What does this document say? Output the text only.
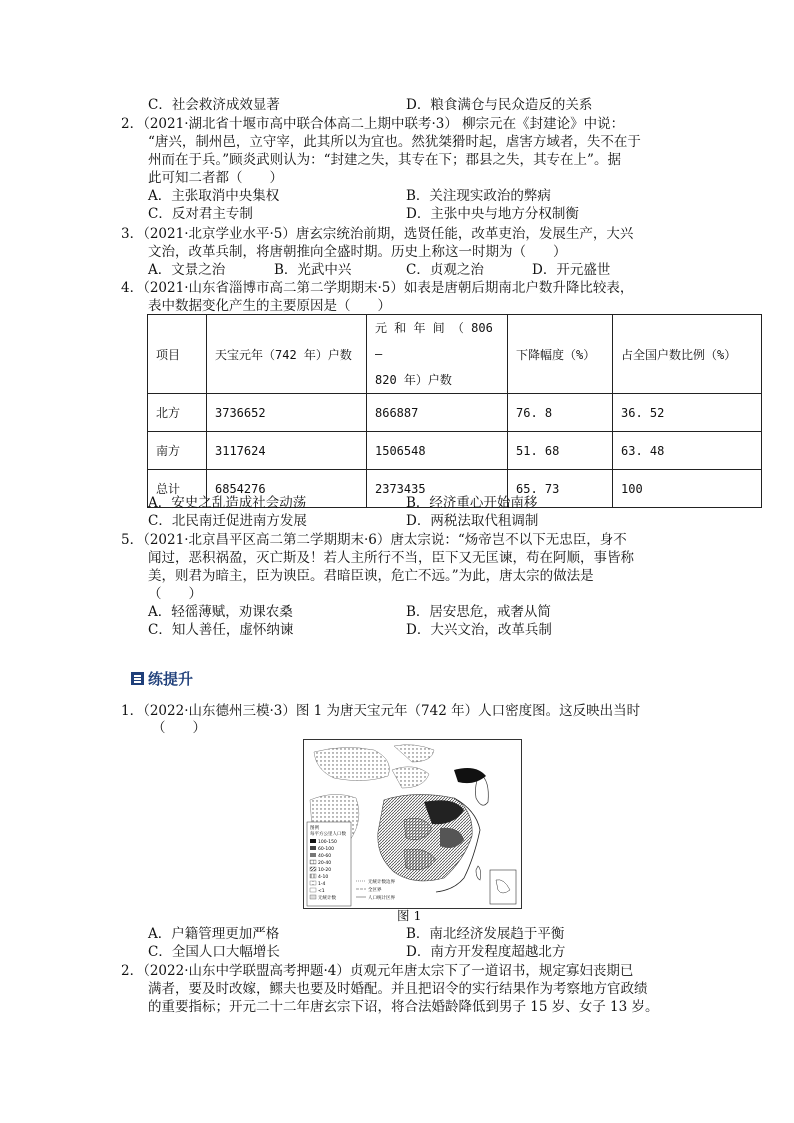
C．社会救济成效显著	D．粮食满仓与民众造反的关系
2．（2021·湖北省十堰市高中联合体高二上期中联考·3） 柳宗元在《封建论》中说：
“唐兴，制州邑，立守宰，此其所以为宜也。然犹桀猾时起，虐害方域者，失不在于
州而在于兵。”顾炎武则认为：“封建之失，其专在下；郡县之失，其专在上”。据
此可知二者都（　　）
A．主张取消中央集权	B．关注现实政治的弊病
C．反对君主专制	D．主张中央与地方分权制衡
3．（2021·北京学业水平·5）唐玄宗统治前期，选贤任能，改革吏治，发展生产，大兴
文治，改革兵制，将唐朝推向全盛时期。历史上称这一时期为（　　）
A．文景之治	B．光武中兴	C．贞观之治	D．开元盛世
4．（2021·山东省淄博市高二第二学期期末·5）如表是唐朝后期南北户数升降比较表，
表中数据变化产生的主要原因是（　　）
项目	天宝元年（742 年）户数	元 和 年 间 （ 806—
820 年）户数	下降幅度（%）	占全国户数比例（%）
北方	3736652	866887	76. 8	36. 52
南方	3117624	1506548	51. 68	63. 48
总计	6854276	2373435	65. 73	100
A．安史之乱造成社会动荡	B．经济重心开始南移
C．北民南迁促进南方发展	D．两税法取代租调制
5．（2021·北京昌平区高二第二学期期末·6）唐太宗说：“炀帝岂不以下无忠臣，身不
闻过，恶积祸盈，灭亡斯及！若人主所行不当，臣下又无匡谏，苟在阿顺，事皆称
美，则君为暗主，臣为谀臣。君暗臣谀，危亡不远。”为此，唐太宗的做法是
（　　）
A．轻徭薄赋，劝课农桑	B．居安思危，戒奢从简
C．知人善任，虚怀纳谏	D．大兴文治，改革兵制
练提升
1．（2022·山东德州三模·3）图 1 为唐天宝元年（742 年）人口密度图。这反映出当时
（　　）
图例
每平方公里人口数
100-150
60-100
40-60
20-40
10-20
4-10
1-4
<1
无统计数
无统计数边界
全区界
人口统计区界
图 1
A．户籍管理更加严格	B．南北经济发展趋于平衡
C．全国人口大幅增长	D．南方开发程度超越北方
2．（2022·山东中学联盟高考押题·4）贞观元年唐太宗下了一道诏书，规定寡妇丧期已
满者，要及时改嫁，鳏夫也要及时婚配。并且把诏令的实行结果作为考察地方官政绩
的重要指标；开元二十二年唐玄宗下诏，将合法婚龄降低到男子 15 岁、女子 13 岁。
